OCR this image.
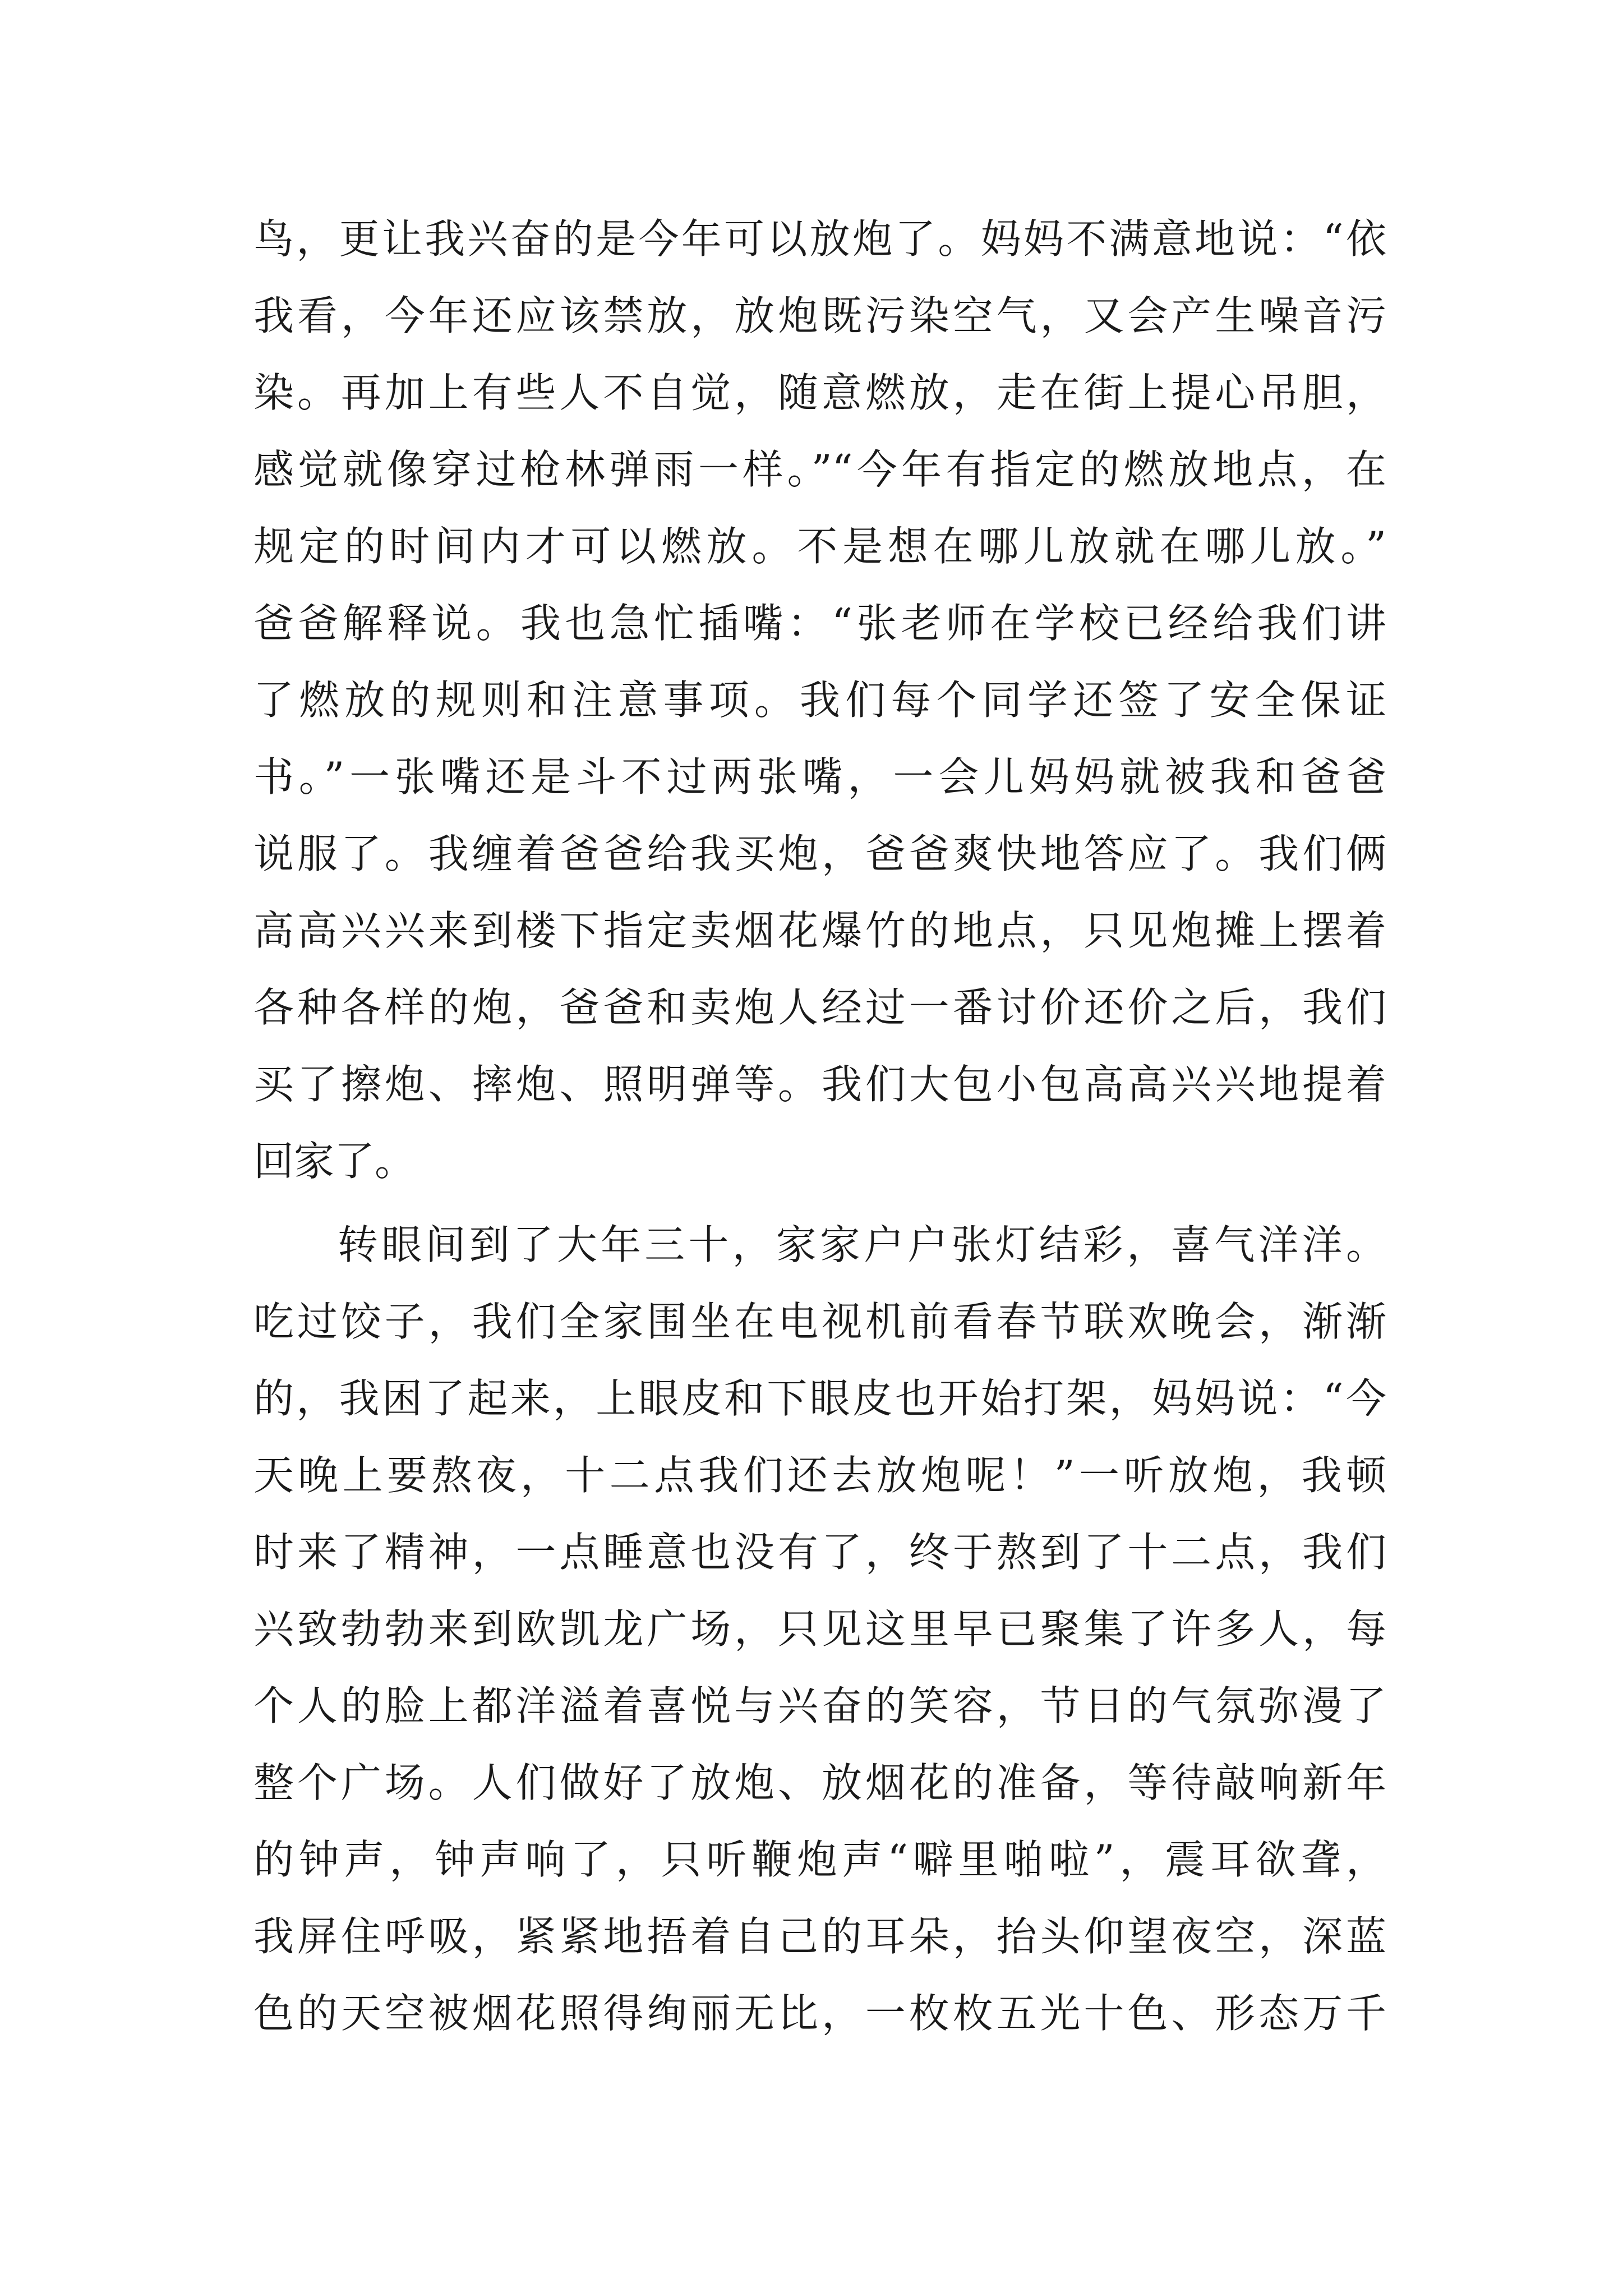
鸟，更让我兴奋的是今年可以放炮了。妈妈不满意地说：“依
我看，今年还应该禁放，放炮既污染空气，又会产生噪音污
染。再加上有些人不自觉，随意燃放，走在街上提心吊胆，
感觉就像穿过枪林弹雨一样。”“今年有指定的燃放地点，在
规定的时间内才可以燃放。不是想在哪儿放就在哪儿放。”
爸爸解释说。我也急忙插嘴：“张老师在学校已经给我们讲
了燃放的规则和注意事项。我们每个同学还签了安全保证
书。”一张嘴还是斗不过两张嘴，一会儿妈妈就被我和爸爸
说服了。我缠着爸爸给我买炮，爸爸爽快地答应了。我们俩
高高兴兴来到楼下指定卖烟花爆竹的地点，只见炮摊上摆着
各种各样的炮，爸爸和卖炮人经过一番讨价还价之后，我们
买了擦炮、摔炮、照明弹等。我们大包小包高高兴兴地提着
回家了。
转眼间到了大年三十，家家户户张灯结彩，喜气洋洋。
吃过饺子，我们全家围坐在电视机前看春节联欢晚会，渐渐
的，我困了起来，上眼皮和下眼皮也开始打架，妈妈说：“今
天晚上要熬夜，十二点我们还去放炮呢！”一听放炮，我顿
时来了精神，一点睡意也没有了，终于熬到了十二点，我们
兴致勃勃来到欧凯龙广场，只见这里早已聚集了许多人，每
个人的脸上都洋溢着喜悦与兴奋的笑容，节日的气氛弥漫了
整个广场。人们做好了放炮、放烟花的准备，等待敲响新年
的钟声，钟声响了，只听鞭炮声“噼里啪啦”，震耳欲聋，
我屏住呼吸，紧紧地捂着自己的耳朵，抬头仰望夜空，深蓝
色的天空被烟花照得绚丽无比，一枚枚五光十色、形态万千
